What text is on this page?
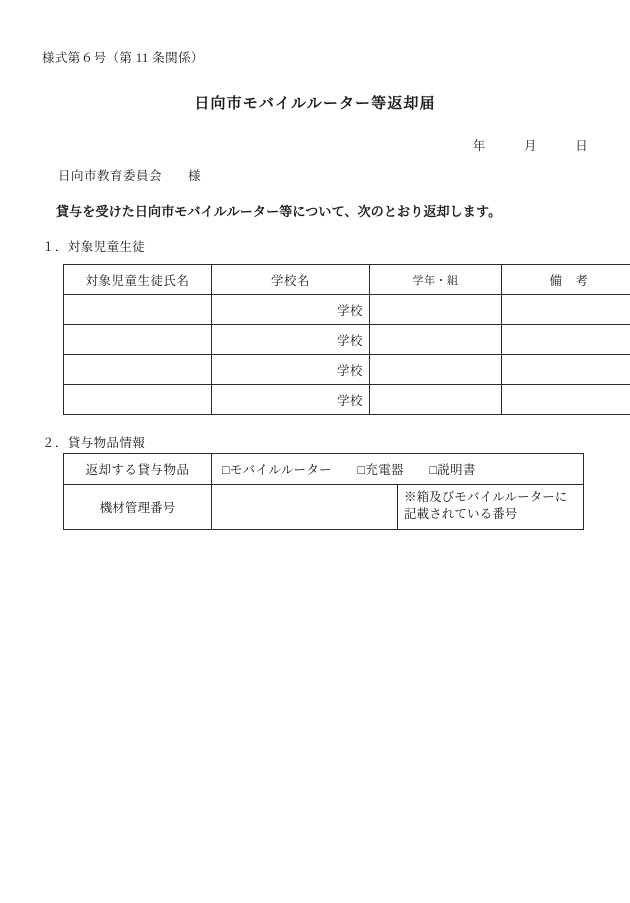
様式第６号（第 11 条関係）
日向市モバイルルーター等返却届
年　　　月　　　日
日向市教育委員会　　様
貸与を受けた日向市モバイルルーター等について、次のとおり返却します。
１．対象児童生徒
対象児童生徒氏名	学校名	学年・組	備　考
	学校		
	学校		
	学校		
	学校		
２．貸与物品情報
返却する貸与物品	□モバイルルーター　　□充電器　　□説明書	
機材管理番号		※箱及びモバイルルーターに記載されている番号
